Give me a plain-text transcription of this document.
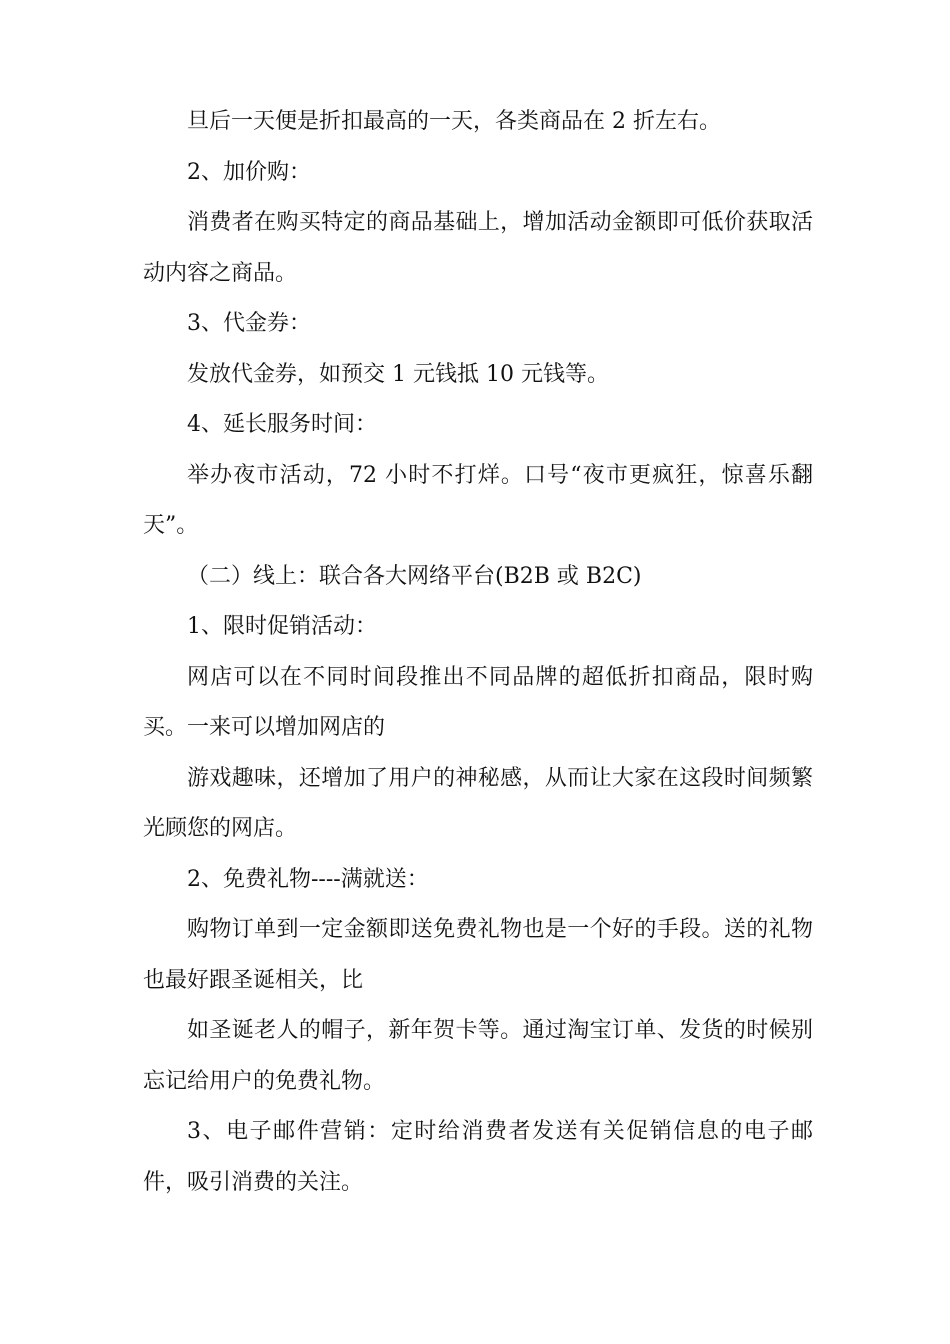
旦后一天便是折扣最高的一天，各类商品在 2 折左右。

2、加价购：

消费者在购买特定的商品基础上，增加活动金额即可低价获取活动内容之商品。

3、代金券：

发放代金券，如预交 1 元钱抵 10 元钱等。

4、延长服务时间：

举办夜市活动，72 小时不打烊。口号“夜市更疯狂，惊喜乐翻天”。

（二）线上：联合各大网络平台(B2B 或 B2C)

1、限时促销活动：

网店可以在不同时间段推出不同品牌的超低折扣商品，限时购买。一来可以增加网店的

游戏趣味，还增加了用户的神秘感，从而让大家在这段时间频繁光顾您的网店。

2、免费礼物----满就送：

购物订单到一定金额即送免费礼物也是一个好的手段。送的礼物也最好跟圣诞相关，比

如圣诞老人的帽子，新年贺卡等。通过淘宝订单、发货的时候别忘记给用户的免费礼物。

3、电子邮件营销：定时给消费者发送有关促销信息的电子邮件，吸引消费的关注。
